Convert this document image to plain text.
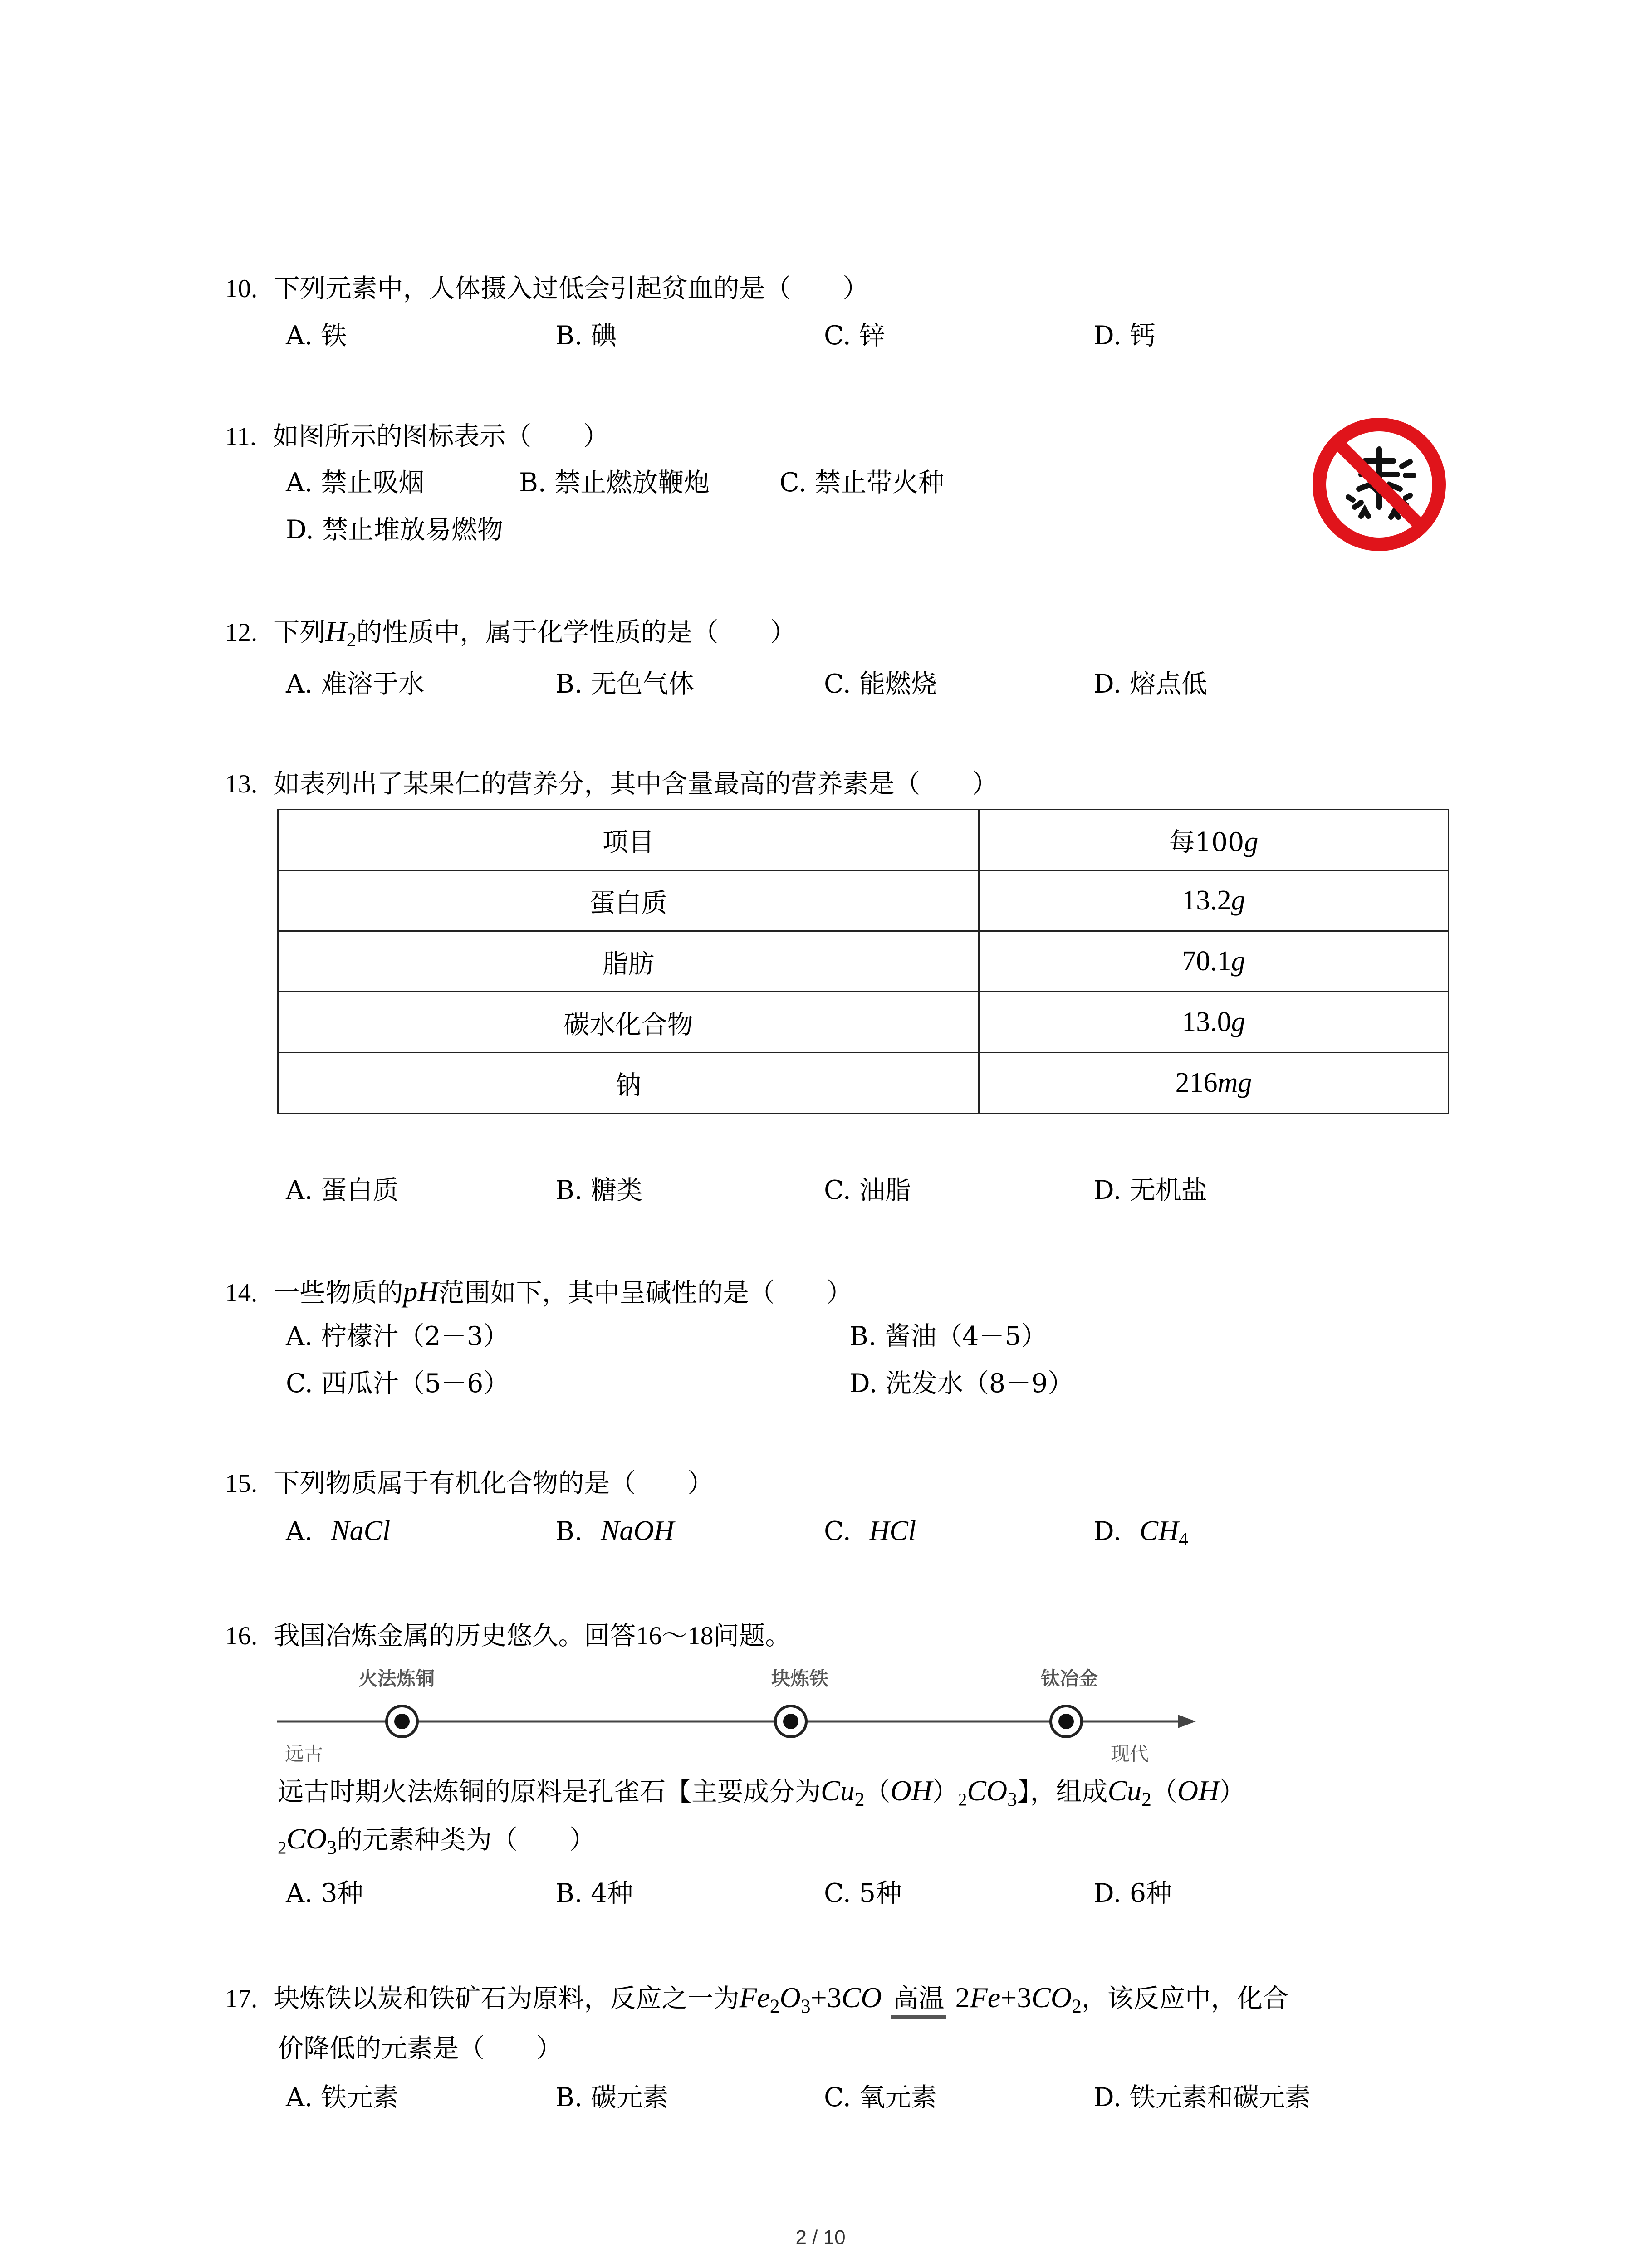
10. 下列元素中，人体摄入过低会引起贫血的是（　　）
A. 铁	B. 碘	C. 锌	D. 钙
11. 如图所示的图标表示（　　）
A. 禁止吸烟	B. 禁止燃放鞭炮	C. 禁止带火种
D. 禁止堆放易燃物
12. 下列$H_2$的性质中，属于化学性质的是（　　）
A. 难溶于水	B. 无色气体	C. 能燃烧	D. 熔点低
13. 如表列出了某果仁的营养分，其中含量最高的营养素是（　　）
项目	每100g
蛋白质	13.2g
脂肪	70.1g
碳水化合物	13.0g
钠	216mg
A. 蛋白质	B. 糖类	C. 油脂	D. 无机盐
14. 一些物质的pH范围如下，其中呈碱性的是（　　）
A. 柠檬汁（2－3）	B. 酱油（4－5）
C. 西瓜汁（5－6）	D. 洗发水（8－9）
15. 下列物质属于有机化合物的是（　　）
A. NaCl	B. NaOH	C. HCl	D. $CH_4$
16. 我国冶炼金属的历史悠久。回答16～18问题。
火法炼铜	块炼铁	钛冶金
远古	现代
远古时期火法炼铜的原料是孔雀石【主要成分为$Cu_2(OH)_2CO_3$】，组成$Cu_2(OH)$
$_2CO_3$的元素种类为（　　）
A. 3种	B. 4种	C. 5种	D. 6种
17. 块炼铁以炭和铁矿石为原料，反应之一为$Fe_2O_3+3CO$ 高温 $2Fe+3CO_2$，该反应中，化合
价降低的元素是（　　）
A. 铁元素	B. 碳元素	C. 氧元素	D. 铁元素和碳元素
2 / 10
